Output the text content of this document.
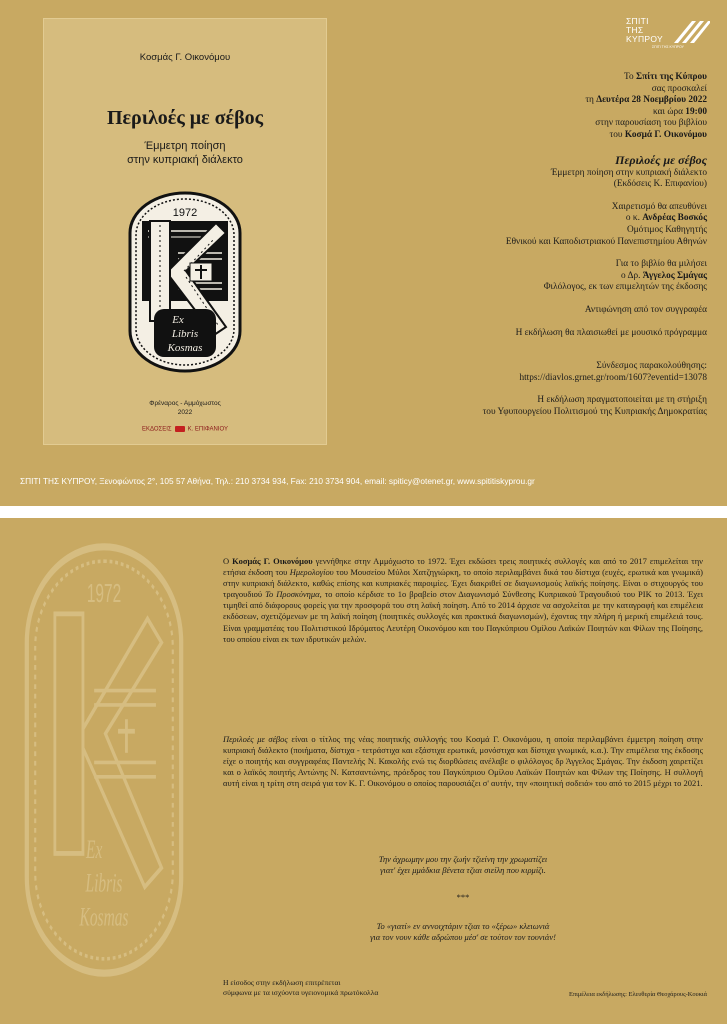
Κοσμάς Γ. Οικονόμου
Περιλοές με σέβος
Έμμετρη ποίηση
στην κυπριακή διάλεκτο
1972
Ex
Libris
Kosmas
Φρέναρος - Αμμόχωστος
2022
ΕΚΔΟΣΕΙΣ	Κ. ΕΠΙΦΑΝΙΟΥ
ΣΠΙΤΙ
ΤΗΣ
ΚΥΠΡΟΥ
ΣΠΙΤΙ ΤΗΣ ΚΥΠΡΟΥ

Το Σπίτι της Κύπρου

σας προσκαλεί

τη Δευτέρα 28 Νοεμβρίου 2022

και ώρα 19:00

στην παρουσίαση του βιβλίου

του Κοσμά Γ. Οικονόμου

Περιλοές με σέβος

Έμμετρη ποίηση στην κυπριακή διάλεκτο

(Εκδόσεις Κ. Επιφανίου)

Χαιρετισμό θα απευθύνει

ο κ. Ανδρέας Βοσκός

Ομότιμος Καθηγητής

Εθνικού και Καποδιστριακού Πανεπιστημίου Αθηνών

Για το βιβλίο θα μιλήσει

ο Δρ. Άγγελος Σμάγας

Φιλόλογος, εκ των επιμελητών της έκδοσης

Αντιφώνηση από τον συγγραφέα

Η εκδήλωση θα πλαισιωθεί με μουσικό πρόγραμμα

Σύνδεσμος παρακολούθησης:

https://diavlos.grnet.gr/room/1607?eventid=13078

Η εκδήλωση πραγματοποιείται με τη στήριξη

του Υφυπουργείου Πολιτισμού της Κυπριακής Δημοκρατίας

ΣΠΙΤΙ ΤΗΣ ΚΥΠΡΟΥ, Ξενοφώντος 2°, 105 57 Αθήνα, Τηλ.: 210 3734 934, Fax: 210 3734 904, email: spiticy@otenet.gr, www.spititiskyprou.gr
1972
Ex
Libris
Kosmas
Ο Κοσμάς Γ. Οικονόμου γεννήθηκε στην Αμμόχωστο το 1972. Έχει εκδώσει τρεις ποιητικές συλλογές και από το 2017 επιμελείται την ετήσια έκδοση του Ημερολογίου του Μουσείου Μύλοι Χατζηγιώρκη, το οποίο περιλαμβάνει δικά του δίστιχα (ευχές, ερωτικά και γνωμικά) στην κυπριακή διάλεκτο, καθώς επίσης και κυπριακές παροιμίες. Έχει διακριθεί σε διαγωνισμούς λαϊκής ποίησης. Είναι ο στιχουργός του τραγουδιού Το Προσκύνημα, το οποίο κέρδισε το 1ο βραβείο στον Διαγωνισμό Σύνθεσης Κυπριακού Τραγουδιού του ΡΙΚ το 2013. Έχει τιμηθεί από διάφορους φορείς για την προσφορά του στη λαϊκή ποίηση. Από το 2014 άρχισε να ασχολείται με την καταγραφή και επιμέλεια εκδόσεων, σχετιζόμενων με τη λαϊκή ποίηση (ποιητικές συλλογές και πρακτικά διαγωνισμών), έχοντας την πλήρη ή μερική επιμέλειά τους. Είναι γραμματέας του Πολιτιστικού Ιδρύματος Λευτέρη Οικονόμου και του Παγκύπριου Ομίλου Λαϊκών Ποιητών και Φίλων της Ποίησης, του οποίου είναι εκ των ιδρυτικών μελών.
Περιλοές με σέβος είναι ο τίτλος της νέας ποιητικής συλλογής του Κοσμά Γ. Οικονόμου, η οποία περιλαμβάνει έμμετρη ποίηση στην κυπριακή διάλεκτο (ποιήματα, δίστιχα - τετράστιχα και εξάστιχα ερωτικά, μονόστιχα και δίστιχα γνωμικά, κ.α.). Την επιμέλεια της έκδοσης είχε ο ποιητής και συγγραφέας Παντελής Ν. Κακολής ενώ τις διορθώσεις ανέλαβε ο φιλόλογος δρ Άγγελος Σμάγας. Την έκδοση χαιρετίζει και ο λαϊκός ποιητής Αντώνης Ν. Κατσαντώνης, πρόεδρος του Παγκύπριου Ομίλου Λαϊκών Ποιητών και Φίλων της Ποίησης. Η συλλογή αυτή είναι η τρίτη στη σειρά για τον Κ. Γ. Οικονόμου ο οποίος παρουσιάζει σ' αυτήν, την «ποιητική σοδειά» του από το 2015 μέχρι το 2021.
Την άχρωμην μου την ζωήν τζιείνη την χρωματίζει
γιατ' έχει μμάδκια βένετα τζιαι σιείλη που κιρμίζι.
***
Το «γιατί» εν αννοιχτάριν τζιαι το «ξέρω» κλειωνιά
για τον νουν κάθε αδρώπου μέσ' σε τούτον τον τουνιάν!
Η είσοδος στην εκδήλωση επιτρέπεται
σύμφωνα με τα ισχύοντα υγειονομικά πρωτόκολλα	Επιμέλεια εκδήλωσης: Ελευθερία Θεοχάρους-Κουκιά
